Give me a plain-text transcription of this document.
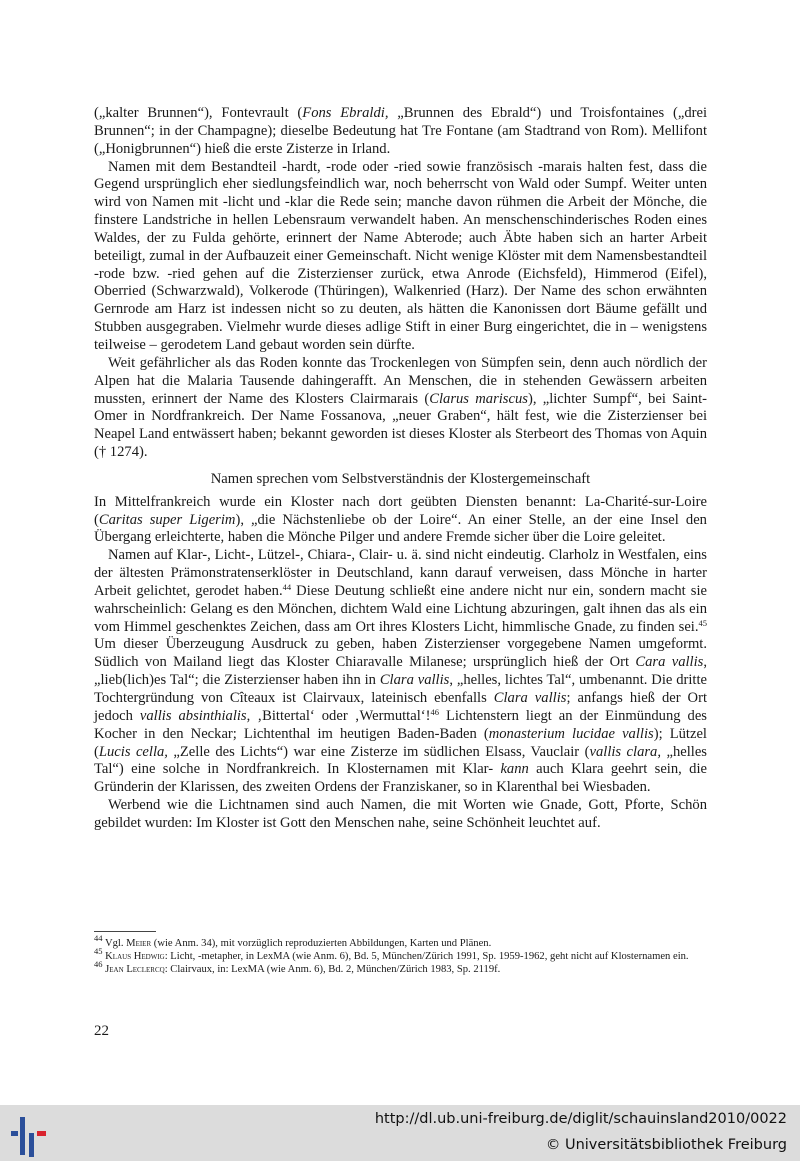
(„kalter Brunnen“), Fontevrault (Fons Ebraldi, „Brunnen des Ebrald“) und Troisfontaines („drei Brunnen“; in der Champagne); dieselbe Bedeutung hat Tre Fontane (am Stadtrand von Rom). Mellifont („Honigbrunnen“) hieß die erste Zisterze in Irland.

Namen mit dem Bestandteil -hardt, -rode oder -ried sowie französisch -marais halten fest, dass die Gegend ursprünglich eher siedlungsfeindlich war, noch beherrscht von Wald oder Sumpf. Weiter unten wird von Namen mit -licht und -klar die Rede sein; manche davon rühmen die Arbeit der Mönche, die finstere Landstriche in hellen Lebensraum verwandelt haben. An menschenschinderisches Roden eines Waldes, der zu Fulda gehörte, erinnert der Name Abterode; auch Äbte haben sich an harter Arbeit beteiligt, zumal in der Aufbauzeit einer Gemeinschaft. Nicht wenige Klöster mit dem Namensbestandteil -rode bzw. -ried gehen auf die Zisterzienser zurück, etwa Anrode (Eichsfeld), Himmerod (Eifel), Oberried (Schwarzwald), Volkerode (Thüringen), Walkenried (Harz). Der Name des schon erwähnten Gernrode am Harz ist indessen nicht so zu deuten, als hätten die Kanonissen dort Bäume gefällt und Stubben ausgegraben. Vielmehr wurde dieses adlige Stift in einer Burg eingerichtet, die in – wenigstens teilweise – gerodetem Land gebaut worden sein dürfte.

Weit gefährlicher als das Roden konnte das Trockenlegen von Sümpfen sein, denn auch nördlich der Alpen hat die Malaria Tausende dahingerafft. An Menschen, die in stehenden Gewässern arbeiten mussten, erinnert der Name des Klosters Clairmarais (Clarus mariscus), „lichter Sumpf“, bei Saint-Omer in Nordfrankreich. Der Name Fossanova, „neuer Graben“, hält fest, wie die Zisterzienser bei Neapel Land entwässert haben; bekannt geworden ist dieses Kloster als Sterbeort des Thomas von Aquin († 1274).

Namen sprechen vom Selbstverständnis der Klostergemeinschaft

In Mittelfrankreich wurde ein Kloster nach dort geübten Diensten benannt: La-Charité-sur-Loire (Caritas super Ligerim), „die Nächstenliebe ob der Loire“. An einer Stelle, an der eine Insel den Übergang erleichterte, haben die Mönche Pilger und andere Fremde sicher über die Loire geleitet.

Namen auf Klar-, Licht-, Lützel-, Chiara-, Clair- u. ä. sind nicht eindeutig. Clarholz in Westfalen, eins der ältesten Prämonstratenserklöster in Deutschland, kann darauf verweisen, dass Mönche in harter Arbeit gelichtet, gerodet haben.$^{44}$ Diese Deutung schließt eine andere nicht nur ein, sondern macht sie wahrscheinlich: Gelang es den Mönchen, dichtem Wald eine Lichtung abzuringen, galt ihnen das als ein vom Himmel geschenktes Zeichen, dass am Ort ihres Klosters Licht, himmlische Gnade, zu finden sei.$^{45}$ Um dieser Überzeugung Ausdruck zu geben, haben Zisterzienser vorgegebene Namen umgeformt. Südlich von Mailand liegt das Kloster Chiaravalle Milanese; ursprünglich hieß der Ort Cara vallis, „lieb(lich)es Tal“; die Zisterzienser haben ihn in Clara vallis, „helles, lichtes Tal“, umbenannt. Die dritte Tochtergründung von Cîteaux ist Clairvaux, lateinisch ebenfalls Clara vallis; anfangs hieß der Ort jedoch vallis absinthialis, ‚Bittertal‘ oder ‚Wermuttal‘!$^{46}$ Lichtenstern liegt an der Einmündung des Kocher in den Neckar; Lichtenthal im heutigen Baden-Baden (monasterium lucidae vallis); Lützel (Lucis cella, „Zelle des Lichts“) war eine Zisterze im südlichen Elsass, Vauclair (vallis clara, „helles Tal“) eine solche in Nordfrankreich. In Klosternamen mit Klar- kann auch Klara geehrt sein, die Gründerin der Klarissen, des zweiten Ordens der Franziskaner, so in Klarenthal bei Wiesbaden.

Werbend wie die Lichtnamen sind auch Namen, die mit Worten wie Gnade, Gott, Pforte, Schön gebildet wurden: Im Kloster ist Gott den Menschen nahe, seine Schönheit leuchtet auf.

$^{44}$ Vgl. Meier (wie Anm. 34), mit vorzüglich reproduzierten Abbildungen, Karten und Plänen.

$^{45}$ Klaus Hedwig: Licht, -metapher, in LexMA (wie Anm. 6), Bd. 5, München/Zürich 1991, Sp. 1959-1962, geht nicht auf Klosternamen ein.

$^{46}$ Jean Leclercq: Clairvaux, in: LexMA (wie Anm. 6), Bd. 2, München/Zürich 1983, Sp. 2119f.

22
http://dl.ub.uni-freiburg.de/diglit/schauinsland2010/0022
© Universitätsbibliothek Freiburg
